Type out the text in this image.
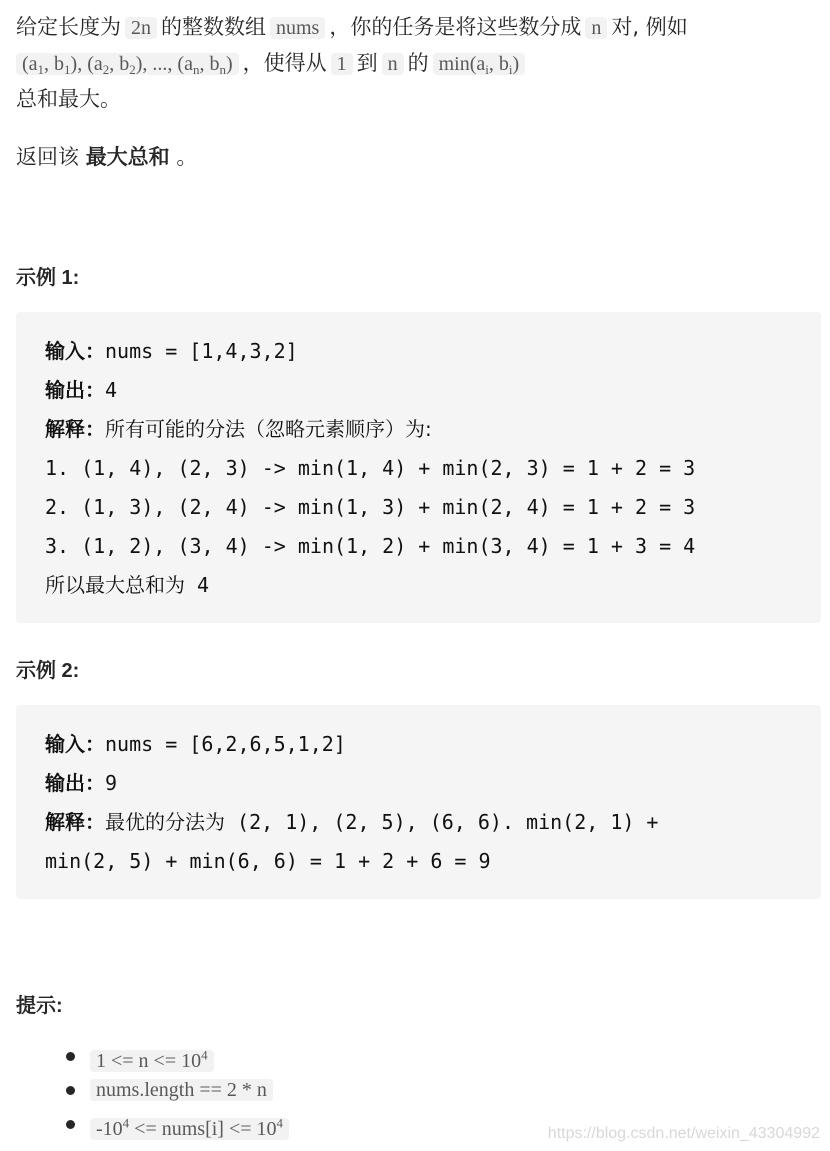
给定长度为 2n 的整数数组 nums ，你的任务是将这些数分成 n 对, 例如
($a_1$, $b_1$), ($a_2$, $b_2$), ..., ($a_n$, $b_n$) ，使得从 1 到 n 的 $\min(a_i$, $b_i$)
总和最大。
返回该 最大总和 。
示例 1:
输入：nums = [1,4,3,2]
输出：4
解释：所有可能的分法（忽略元素顺序）为:
1. (1, 4), (2, 3) -> min(1, 4) + min(2, 3) = 1 + 2 = 3
2. (1, 3), (2, 4) -> min(1, 3) + min(2, 4) = 1 + 2 = 3
3. (1, 2), (3, 4) -> min(1, 2) + min(3, 4) = 1 + 3 = 4
所以最大总和为 4
示例 2:
输入：nums = [6,2,6,5,1,2]
输出：9
解释：最优的分法为 (2, 1), (2, 5), (6, 6). min(2, 1) +
min(2, 5) + min(6, 6) = 1 + 2 + 6 = 9
提示:
$1 <= n <= 10^4$
nums.length == 2 * n
$-10^4$ <= nums[i] <= $10^4$
https://blog.csdn.net/weixin_43304992
